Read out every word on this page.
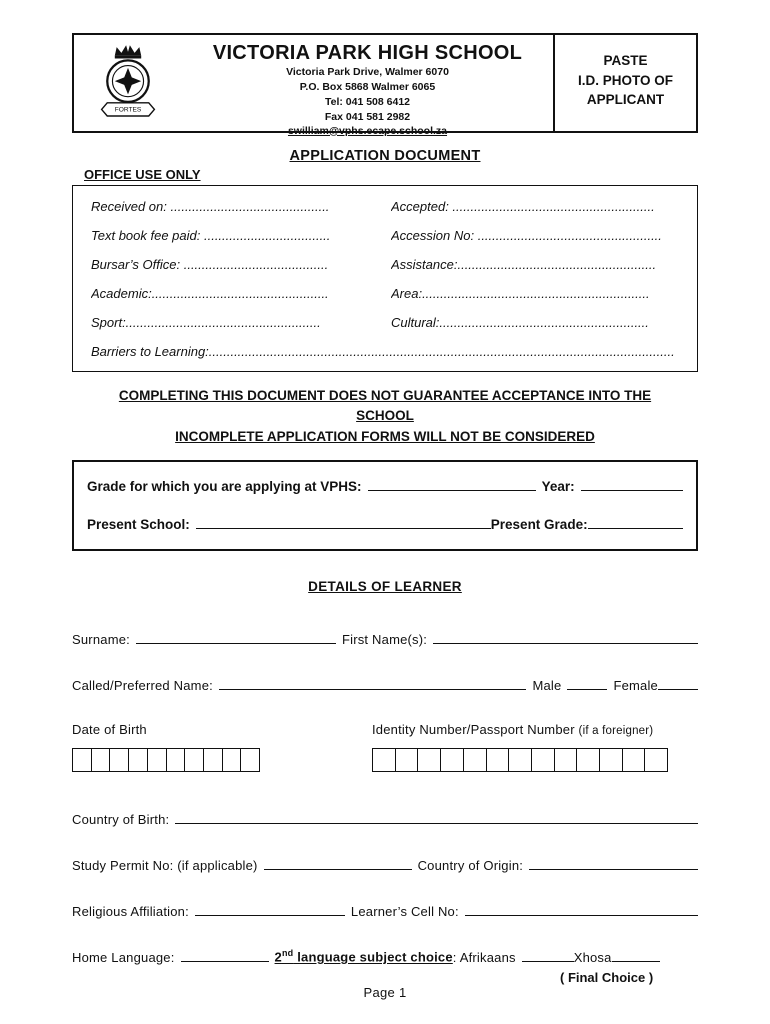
FORTES
VICTORIA PARK HIGH SCHOOL
Victoria Park Drive, Walmer 6070
P.O. Box 5868 Walmer 6065
Tel: 041 508 6412
Fax 041 581 2982
swilliam@vphs.ecape.school.za
PASTE
I.D. PHOTO OF
APPLICANT
APPLICATION DOCUMENT
OFFICE USE ONLY
Received on: ............................................	Accepted: ........................................................
Text book fee paid: ...................................	Accession No: ...................................................
Bursar’s Office: ........................................	Assistance:.......................................................
Academic:.................................................	Area:...............................................................
Sport:......................................................	Cultural:..........................................................
Barriers to Learning:.................................................................................................................................
COMPLETING THIS DOCUMENT DOES NOT GUARANTEE ACCEPTANCE INTO THE
SCHOOL
INCOMPLETE APPLICATION FORMS WILL NOT BE CONSIDERED
Grade for which you are applying at VPHS:	Year:
Present School:	Present Grade:
DETAILS OF LEARNER
Surname:	First Name(s):
Called/Preferred Name:	Male	Female
Date of Birth	Identity Number/Passport Number (if a foreigner)
Country of Birth:
Study Permit No: (if applicable)	Country of Origin:
Religious Affiliation:	Learner’s Cell No:
Home Language:	2nd language subject choice : Afrikaans	Xhosa
( Final Choice )
Page 1
